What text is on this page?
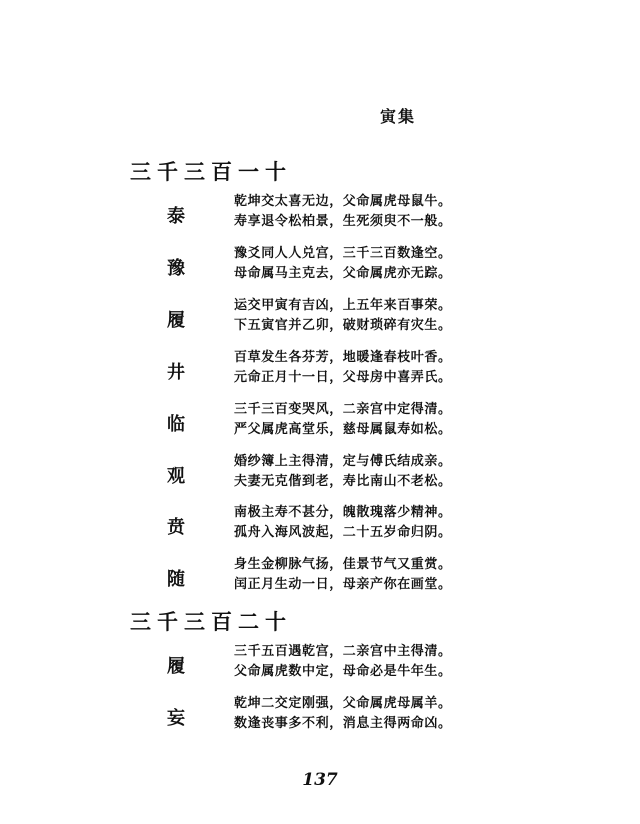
寅集
三千三百一十
泰
乾坤交太喜无边，父命属虎母鼠牛。
寿享退令松柏景，生死须臾不一般。
豫
豫爻同人人兑宫，三千三百数逢空。
母命属马主克去，父命属虎亦无踪。
履
运交甲寅有吉凶，上五年来百事荣。
下五寅官并乙卯，破财琐碎有灾生。
井
百草发生各芬芳，地暖逢春枝叶香。
元命正月十一日，父母房中喜弄氏。
临
三千三百变哭风，二亲宫中定得清。
严父属虎高堂乐，慈母属鼠寿如松。
观
婚纱簿上主得清，定与傅氏结成亲。
夫妻无克偕到老，寿比南山不老松。
贲
南极主寿不甚分，魄散瑰落少精神。
孤舟入海风波起，二十五岁命归阴。
随
身生金柳脉气扬，佳景节气又重赏。
闰正月生动一日，母亲产你在画堂。
三千三百二十
履
三千五百遇乾宫，二亲宫中主得清。
父命属虎数中定，母命必是牛年生。
妄
乾坤二交定刚强，父命属虎母属羊。
数逢丧事多不利，消息主得两命凶。
137
